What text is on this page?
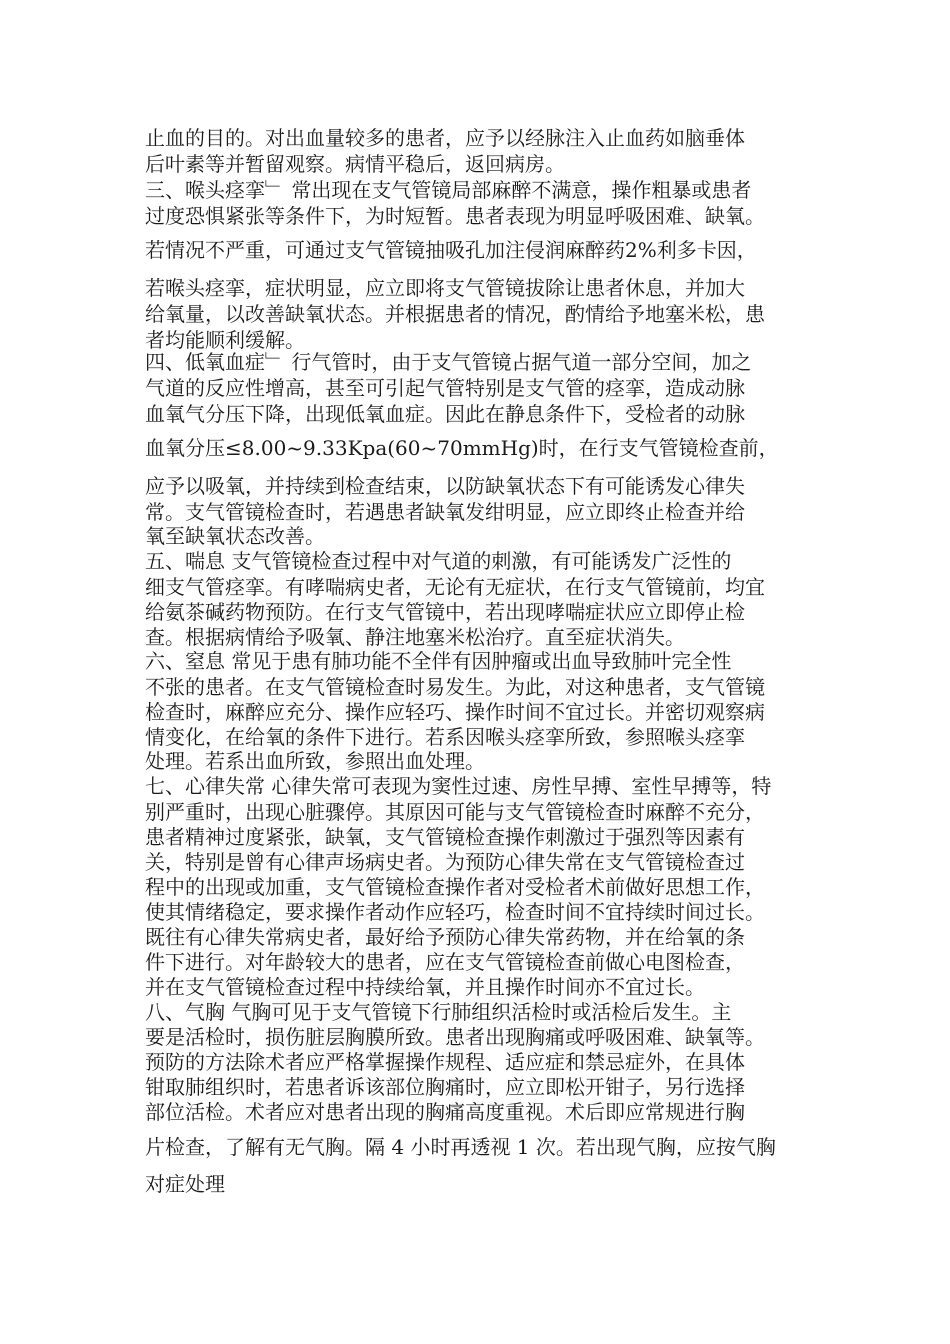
止血的目的。对出血量较多的患者，应予以经脉注入止血药如脑垂体
后叶素等并暂留观察。病情平稳后，返回病房。
三、喉头痉挛﹂ 常出现在支气管镜局部麻醉不满意，操作粗暴或患者
过度恐惧紧张等条件下，为时短暂。患者表现为明显呼吸困难、缺氧。
若情况不严重，可通过支气管镜抽吸孔加注侵润麻醉药2%利多卡因，
若喉头痉挛，症状明显，应立即将支气管镜拔除让患者休息，并加大
给氧量，以改善缺氧状态。并根据患者的情况，酌情给予地塞米松，患
者均能顺利缓解。
四、低氧血症﹂ 行气管时，由于支气管镜占据气道一部分空间，加之
气道的反应性增高，甚至可引起气管特别是支气管的痉挛，造成动脉
血氧气分压下降，出现低氧血症。因此在静息条件下，受检者的动脉
血氧分压≤8.00~9.33Kpa(60~70mmHg)时，在行支气管镜检查前，
应予以吸氧，并持续到检查结束，以防缺氧状态下有可能诱发心律失
常。支气管镜检查时，若遇患者缺氧发绀明显，应立即终止检查并给
氧至缺氧状态改善。
五、喘息 支气管镜检查过程中对气道的刺激，有可能诱发广泛性的
细支气管痉挛。有哮喘病史者，无论有无症状，在行支气管镜前，均宜
给氨茶碱药物预防。在行支气管镜中，若出现哮喘症状应立即停止检
查。根据病情给予吸氧、静注地塞米松治疗。直至症状消失。
六、窒息 常见于患有肺功能不全伴有因肿瘤或出血导致肺叶完全性
不张的患者。在支气管镜检查时易发生。为此，对这种患者，支气管镜
检查时，麻醉应充分、操作应轻巧、操作时间不宜过长。并密切观察病
情变化，在给氧的条件下进行。若系因喉头痉挛所致，参照喉头痉挛
处理。若系出血所致，参照出血处理。
七、心律失常 心律失常可表现为窦性过速、房性早搏、室性早搏等，特
别严重时，出现心脏骤停。其原因可能与支气管镜检查时麻醉不充分，
患者精神过度紧张，缺氧，支气管镜检查操作刺激过于强烈等因素有
关，特别是曾有心律声场病史者。为预防心律失常在支气管镜检查过
程中的出现或加重，支气管镜检查操作者对受检者术前做好思想工作，
使其情绪稳定，要求操作者动作应轻巧，检查时间不宜持续时间过长。
既往有心律失常病史者，最好给予预防心律失常药物，并在给氧的条
件下进行。对年龄较大的患者，应在支气管镜检查前做心电图检查，
并在支气管镜检查过程中持续给氧，并且操作时间亦不宜过长。
八、气胸 气胸可见于支气管镜下行肺组织活检时或活检后发生。主
要是活检时，损伤脏层胸膜所致。患者出现胸痛或呼吸困难、缺氧等。
预防的方法除术者应严格掌握操作规程、适应症和禁忌症外，在具体
钳取肺组织时，若患者诉该部位胸痛时，应立即松开钳子，另行选择
部位活检。术者应对患者出现的胸痛高度重视。术后即应常规进行胸
片检查，了解有无气胸。隔 4 小时再透视 1 次。若出现气胸，应按气胸
对症处理
